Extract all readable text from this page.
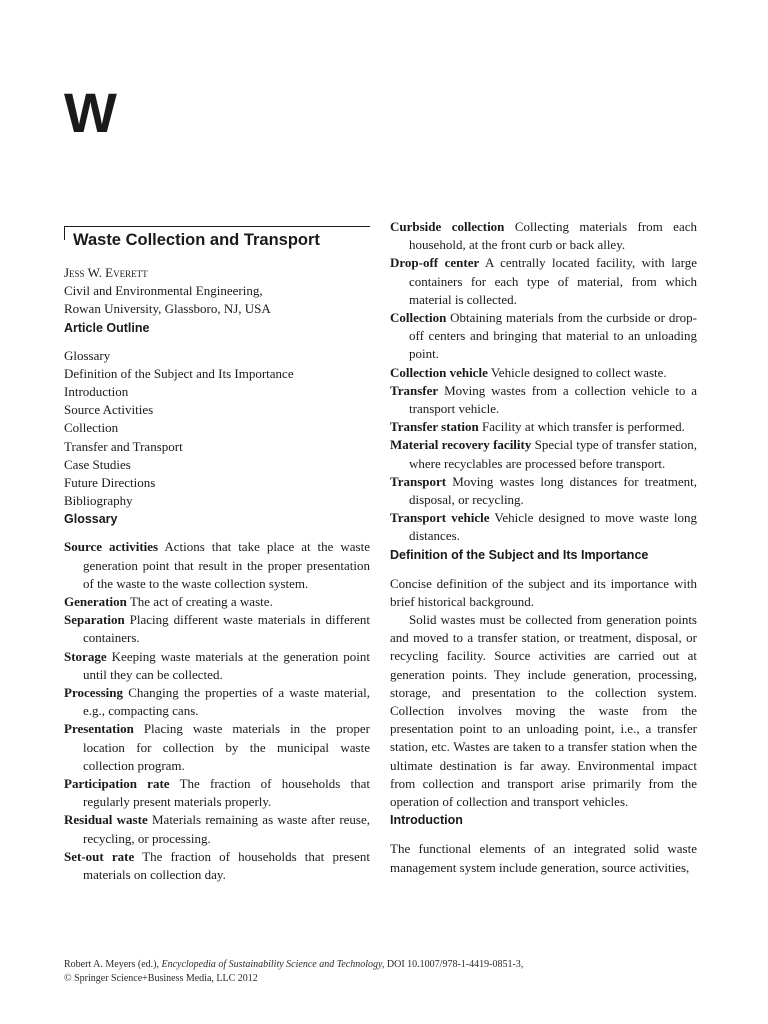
W
Waste Collection and Transport
Jess W. Everett
Civil and Environmental Engineering,
Rowan University, Glassboro, NJ, USA
Article Outline
Glossary
Definition of the Subject and Its Importance
Introduction
Source Activities
Collection
Transfer and Transport
Case Studies
Future Directions
Bibliography
Glossary

Source activities Actions that take place at the waste generation point that result in the proper presentation of the waste to the waste collection system.

Generation The act of creating a waste.

Separation Placing different waste materials in different containers.

Storage Keeping waste materials at the generation point until they can be collected.

Processing Changing the properties of a waste material, e.g., compacting cans.

Presentation Placing waste materials in the proper location for collection by the municipal waste collection program.

Participation rate The fraction of households that regularly present materials properly.

Residual waste Materials remaining as waste after reuse, recycling, or processing.

Set-out rate The fraction of households that present materials on collection day.

Curbside collection Collecting materials from each household, at the front curb or back alley.

Drop-off center A centrally located facility, with large containers for each type of material, from which material is collected.

Collection Obtaining materials from the curbside or drop-off centers and bringing that material to an unloading point.

Collection vehicle Vehicle designed to collect waste.

Transfer Moving wastes from a collection vehicle to a transport vehicle.

Transfer station Facility at which transfer is performed.

Material recovery facility Special type of transfer station, where recyclables are processed before transport.

Transport Moving wastes long distances for treatment, disposal, or recycling.

Transport vehicle Vehicle designed to move waste long distances.

Definition of the Subject and Its Importance

Concise definition of the subject and its importance with brief historical background.

Solid wastes must be collected from generation points and moved to a transfer station, or treatment, disposal, or recycling facility. Source activities are carried out at generation points. They include generation, processing, storage, and presentation to the collection system. Collection involves moving the waste from the presentation point to an unloading point, i.e., a transfer station, etc. Wastes are taken to a transfer station when the ultimate destination is far away. Environmental impact from collection and transport arise primarily from the operation of collection and transport vehicles.

Introduction

The functional elements of an integrated solid waste management system include generation, source activities,

Robert A. Meyers (ed.), Encyclopedia of Sustainability Science and Technology, DOI 10.1007/978-1-4419-0851-3,
© Springer Science+Business Media, LLC 2012
